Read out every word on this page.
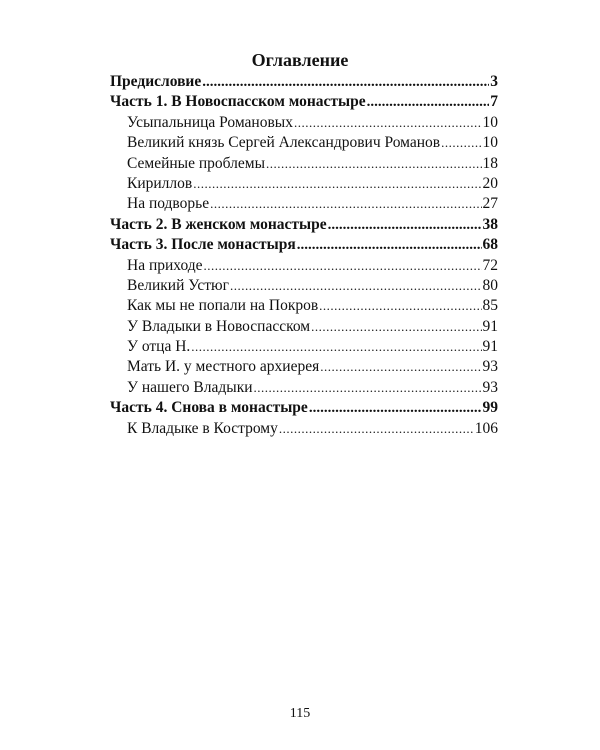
Оглавление
Предисловие .....	3
Часть 1. В Новоспасском монастыре .....	7
Усыпальница Романовых .....	10
Великий князь Сергей Александрович Романов .....	10
Семейные проблемы .....	18
Кириллов .....	20
На подворье .....	27
Часть 2. В женском монастыре .....	38
Часть 3. После монастыря .....	68
На приходе .....	72
Великий Устюг .....	80
Как мы не попали на Покров .....	85
У Владыки в Новоспасском .....	91
У отца Н. .....	91
Мать И. у местного архиерея .....	93
У нашего Владыки .....	93
Часть 4. Снова в монастыре .....	99
К Владыке в Кострому .....	106
115
